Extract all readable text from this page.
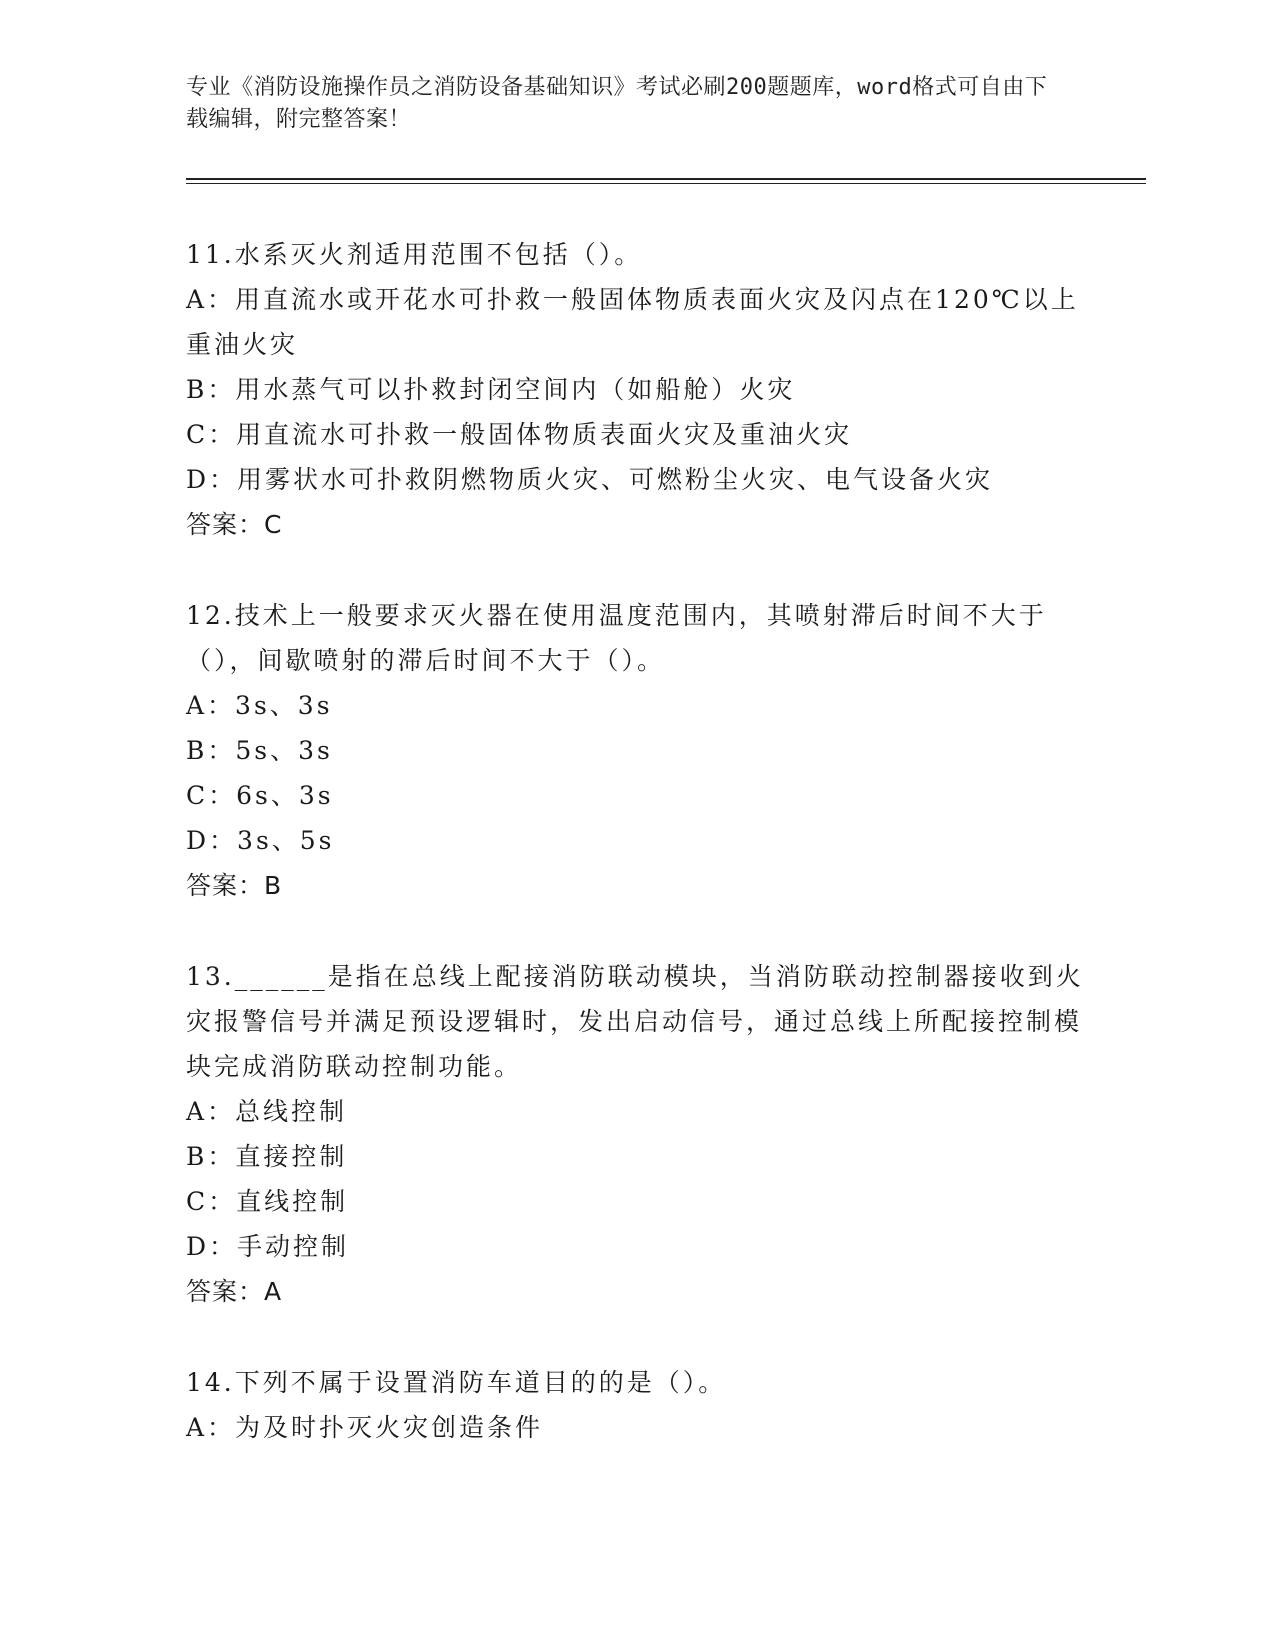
专业《消防设施操作员之消防设备基础知识》考试必刷200题题库，word格式可自由下载编辑，附完整答案！

11.水系灭火剂适用范围不包括（）。

A：用直流水或开花水可扑救一般固体物质表面火灾及闪点在120℃以上重油火灾

B：用水蒸气可以扑救封闭空间内（如船舱）火灾

C：用直流水可扑救一般固体物质表面火灾及重油火灾

D：用雾状水可扑救阴燃物质火灾、可燃粉尘火灾、电气设备火灾

答案：C

12.技术上一般要求灭火器在使用温度范围内，其喷射滞后时间不大于（），间歇喷射的滞后时间不大于（）。

A：3s、3s

B：5s、3s

C：6s、3s

D：3s、5s

答案：B

13.______是指在总线上配接消防联动模块，当消防联动控制器接收到火灾报警信号并满足预设逻辑时，发出启动信号，通过总线上所配接控制模块完成消防联动控制功能。

A：总线控制

B：直接控制

C：直线控制

D：手动控制

答案：A

14.下列不属于设置消防车道目的的是（）。

A：为及时扑灭火灾创造条件
